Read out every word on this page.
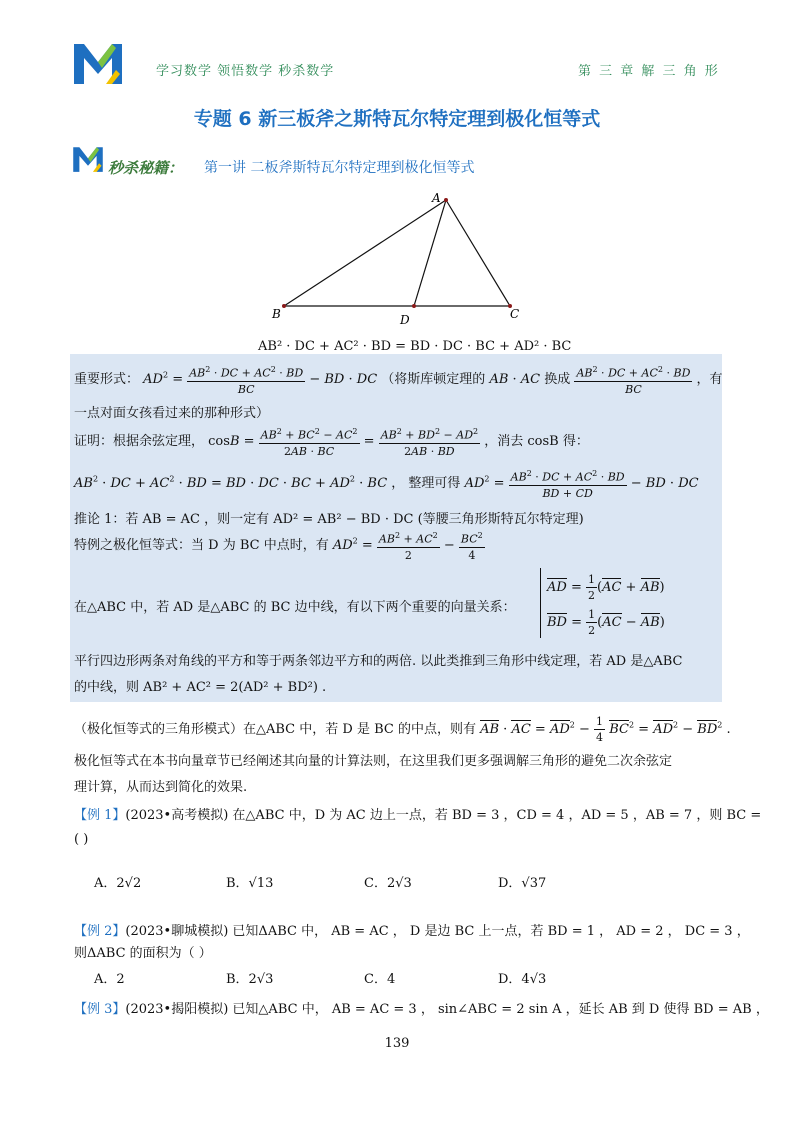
学习数学 领悟数学 秒杀数学	第 三 章 解 三 角 形
专题 6 新三板斧之斯特瓦尔特定理到极化恒等式
秒杀秘籍： 第一讲 二板斧斯特瓦尔特定理到极化恒等式
A
B	D	C
AB² · DC + AC² · BD = BD · DC · BC + AD² · BC
重要形式： $AD^2 = \frac{AB^2 \cdot DC + AC^2 \cdot BD}{BC}$ − BD · DC （将斯库顿定理的 AB · AC 换成 $\frac{AB^2 \cdot DC + AC^2 \cdot BD}{BC}$ ，有
一点对面女孩看过来的那种形式）
证明：根据余弦定理， $\cos B = \frac{AB^2 + BC^2 - AC^2}{2AB \cdot BC} = \frac{AB^2 + BD^2 - AD^2}{2AB \cdot BD}$ ，消去 cosB 得：
$AB^2$ · DC + $AC^2$ · BD = BD · DC · BC + $AD^2$ · BC ， 整理可得 $AD^2 = \frac{AB^2 \cdot DC + AC^2 \cdot BD}{BD + CD}$ − BD · DC
推论 1：若 AB = AC ，则一定有 AD² = AB² − BD · DC (等腰三角形斯特瓦尔特定理)
特例之极化恒等式：当 D 为 BC 中点时，有 $AD^2 = \frac{AB^2 + AC^2}{2} - \frac{BC^2}{4}$
在△ABC 中，若 AD 是△ABC 的 BC 边中线，有以下两个重要的向量关系：
AD = $\frac{1}{2} (AC + AB)$
BD = $\frac{1}{2} (AC - AB)$
平行四边形两条对角线的平方和等于两条邻边平方和的两倍. 以此类推到三角形中线定理，若 AD 是△ABC
的中线，则 AB² + AC² = 2(AD² + BD²) .
（极化恒等式的三角形模式）在△ABC 中，若 D 是 BC 的中点，则有 AB · AC = $AD^2 - \frac{1}{4} BC^2 = AD^2 - BD^2$ .
极化恒等式在本书向量章节已经阐述其向量的计算法则，在这里我们更多强调解三角形的避免二次余弦定
理计算，从而达到简化的效果.
【例 1】(2023•高考模拟) 在△ABC 中，D 为 AC 边上一点，若 BD = 3 ，CD = 4 ，AD = 5 ，AB = 7 ，则 BC =
( )
A．2√2	B．√13	C．2√3	D．√37
【例 2】(2023•聊城模拟) 已知ΔABC 中， AB = AC ， D 是边 BC 上一点，若 BD = 1 ， AD = 2 ， DC = 3 ，
则ΔABC 的面积为（ ）
A．2	B．2√3	C．4	D．4√3
【例 3】(2023•揭阳模拟) 已知△ABC 中， AB = AC = 3 ， sin∠ABC = 2 sin A ，延长 AB 到 D 使得 BD = AB ，
139
